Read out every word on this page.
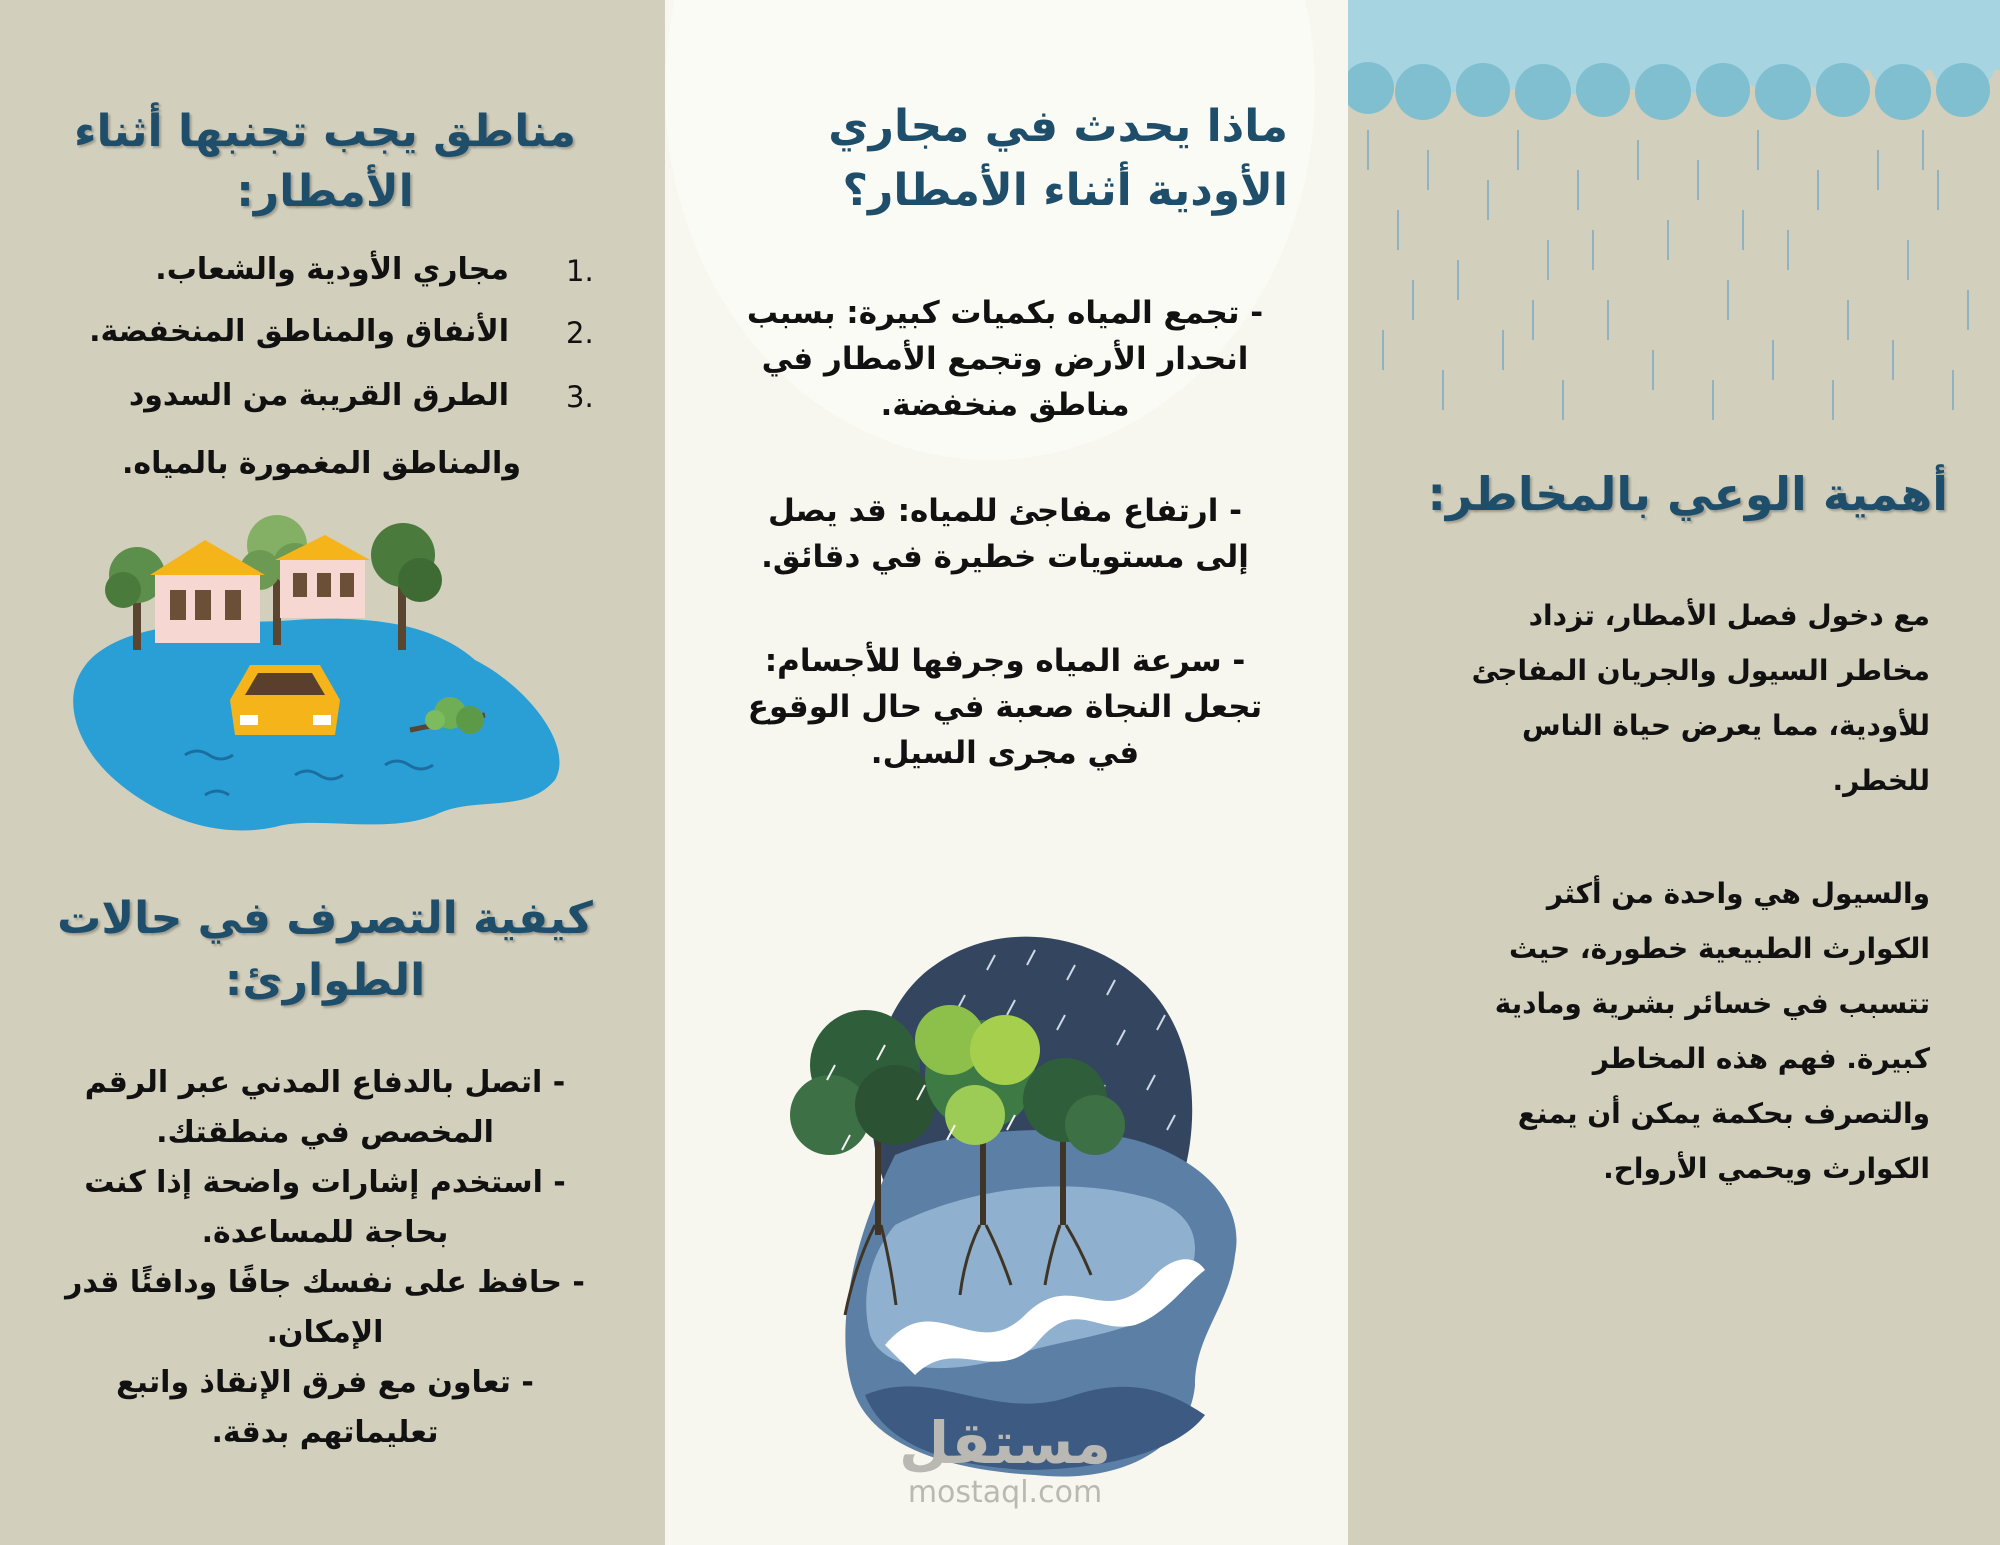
مناطق يجب تجنبها أثناء الأمطار:
مجاري الأودية والشعاب. 1.
الأنفاق والمناطق المنخفضة. 2.
الطرق القريبة من السدود 3.
والمناطق المغمورة بالمياه.
كيفية التصرف في حالات الطوارئ:
- اتصل بالدفاع المدني عبر الرقم
المخصص في منطقتك.
- استخدم إشارات واضحة إذا كنت
بحاجة للمساعدة.
- حافظ على نفسك جافًا ودافئًا قدر
الإمكان.
- تعاون مع فرق الإنقاذ واتبع
تعليماتهم بدقة.
ماذا يحدث في مجاري
الأودية أثناء الأمطار؟
- تجمع المياه بكميات كبيرة: بسبب
انحدار الأرض وتجمع الأمطار في
مناطق منخفضة.
- ارتفاع مفاجئ للمياه: قد يصل
إلى مستويات خطيرة في دقائق.
- سرعة المياه وجرفها للأجسام:
تجعل النجاة صعبة في حال الوقوع
في مجرى السيل.
مستقل
mostaql.com
أهمية الوعي بالمخاطر:
مع دخول فصل الأمطار، تزداد
مخاطر السيول والجريان المفاجئ
للأودية، مما يعرض حياة الناس
للخطر.
والسيول هي واحدة من أكثر
الكوارث الطبيعية خطورة، حيث
تتسبب في خسائر بشرية ومادية
كبيرة. فهم هذه المخاطر
والتصرف بحكمة يمكن أن يمنع
الكوارث ويحمي الأرواح.
